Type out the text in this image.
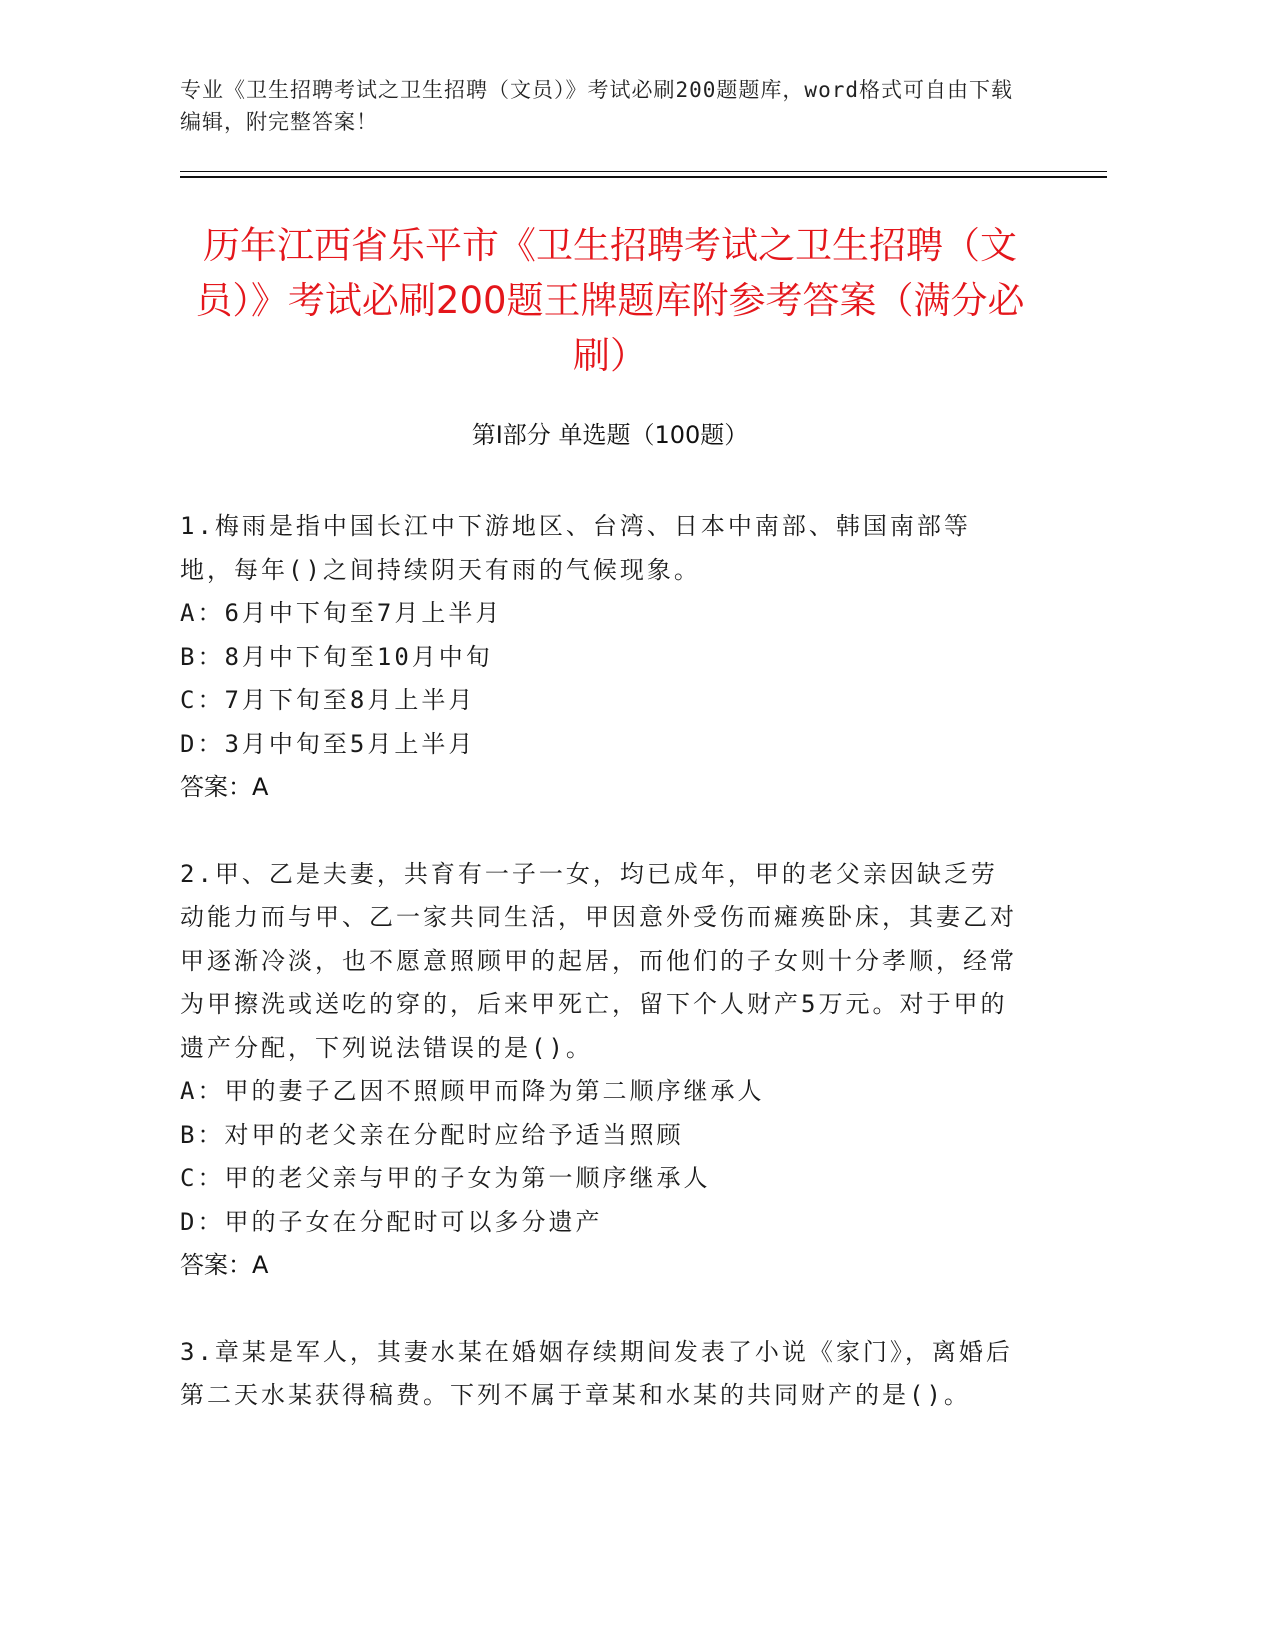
专业《卫生招聘考试之卫生招聘（文员）》考试必刷200题题库，word格式可自由下载编辑，附完整答案！
历年江西省乐平市《卫生招聘考试之卫生招聘（文员）》考试必刷200题王牌题库附参考答案（满分必刷）
第Ⅰ部分 单选题（100题）

1.梅雨是指中国长江中下游地区、台湾、日本中南部、韩国南部等地，每年()之间持续阴天有雨的气候现象。

A：6月中下旬至7月上半月

B：8月中下旬至10月中旬

C：7月下旬至8月上半月

D：3月中旬至5月上半月

答案：A

2.甲、乙是夫妻，共育有一子一女，均已成年，甲的老父亲因缺乏劳动能力而与甲、乙一家共同生活，甲因意外受伤而瘫痪卧床，其妻乙对甲逐渐冷淡，也不愿意照顾甲的起居，而他们的子女则十分孝顺，经常为甲擦洗或送吃的穿的，后来甲死亡，留下个人财产5万元。对于甲的遗产分配，下列说法错误的是()。

A：甲的妻子乙因不照顾甲而降为第二顺序继承人

B：对甲的老父亲在分配时应给予适当照顾

C：甲的老父亲与甲的子女为第一顺序继承人

D：甲的子女在分配时可以多分遗产

答案：A

3.章某是军人，其妻水某在婚姻存续期间发表了小说《家门》，离婚后第二天水某获得稿费。下列不属于章某和水某的共同财产的是()。
